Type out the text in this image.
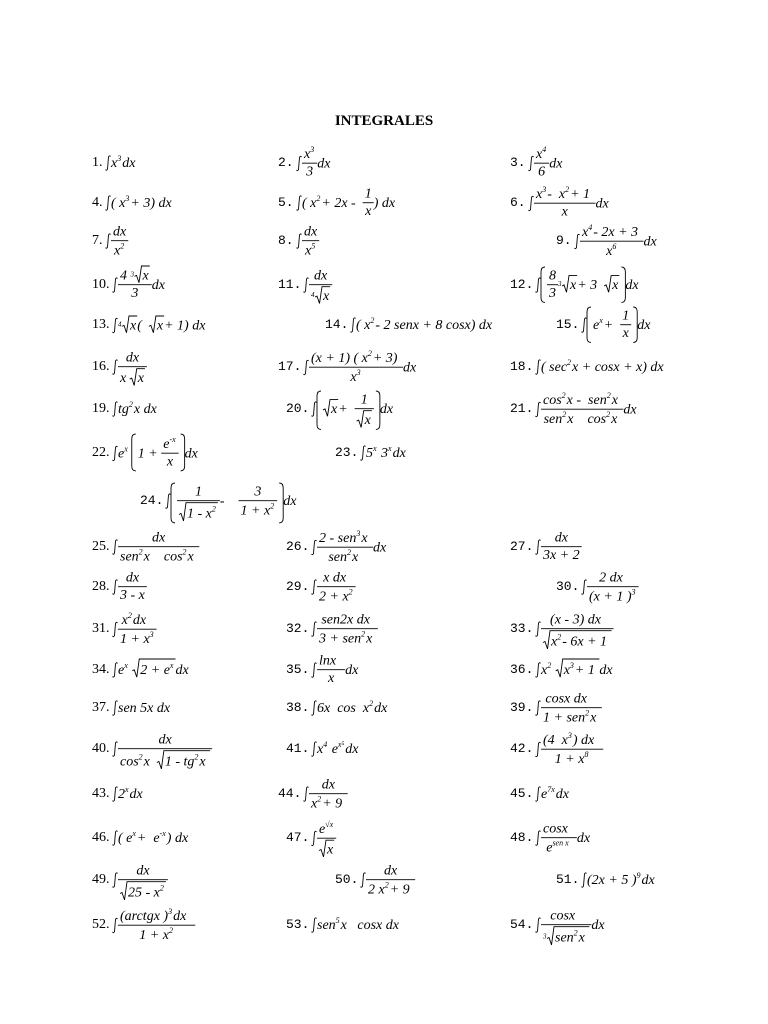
INTEGRALES
1. x 3 dx	2.
x 3
3
dx	3.
x 4
6
dx
4. ( x 3 + 3) dx	5. ( x 2 + 2x -
1
x
) dx	6.
x 3 - x 2 + 1
x
dx
7.
dx
x 2	8.
dx
x 5	9.
x 4 - 2x + 3
x 6 dx
10.
4 3 x
3
dx	11.
dx
4 x
12.
8
3
3 x + 3 x dx
13. 4 x ( x + 1) dx	14. ( x 2 - 2 senx + 8 cosx) dx	15. e x +
1
x
dx
16.
dx
x x
17.
(x + 1) ( x 2 + 3)
x 3	dx	18. ( sec 2 x + cosx + x) dx
19. tg 2 x dx	20. x +
1
x
dx	21.
cos 2 x - sen 2 x
sen 2 x cos 2 x
dx
22. e x 1 +
e -x
x
dx	23. 5 x 3 x dx
24.
1
1 - x 2
-
3
1 + x 2 dx
25.
dx
sen 2 x cos 2 x
26.
2 - sen 3 x
sen 2 x
dx	27.
dx
3x + 2
28.
dx
3 - x
29.
x dx
2 + x 2	30.
2 dx
(x + 1 ) 3
31.
x 2 dx
1 + x 3	32.
sen2x dx
3 + sen 2 x
33.
(x - 3) dx
x 2 - 6x + 1
34. e x 2 + e x dx	35.
ln x
x
dx	36. x 2 x 3 + 1 dx
37. sen 5x dx	38. 6x cos x 2 dx	39.
cos x dx
1 + sen 2 x
40.
dx
cos 2 x 1 - tg 2 x
41. x 4 e x⁵ dx	42.
(4 x 3 ) dx
1 + x 8
43. 2 x dx	44.
dx
x 2 + 9
45. e 7x dx
46. ( e x + e -x ) dx	47.
e √x
x
48.
cos x
e sen x dx
49.
dx
25 - x 2
50.
dx
2 x 2 + 9
51. (2x + 5 ) 9 dx
52.
(arctgx ) 3 dx
1 + x 2	53. sen 5 x cos x dx	54.
cos x
3 sen 2 x
dx
